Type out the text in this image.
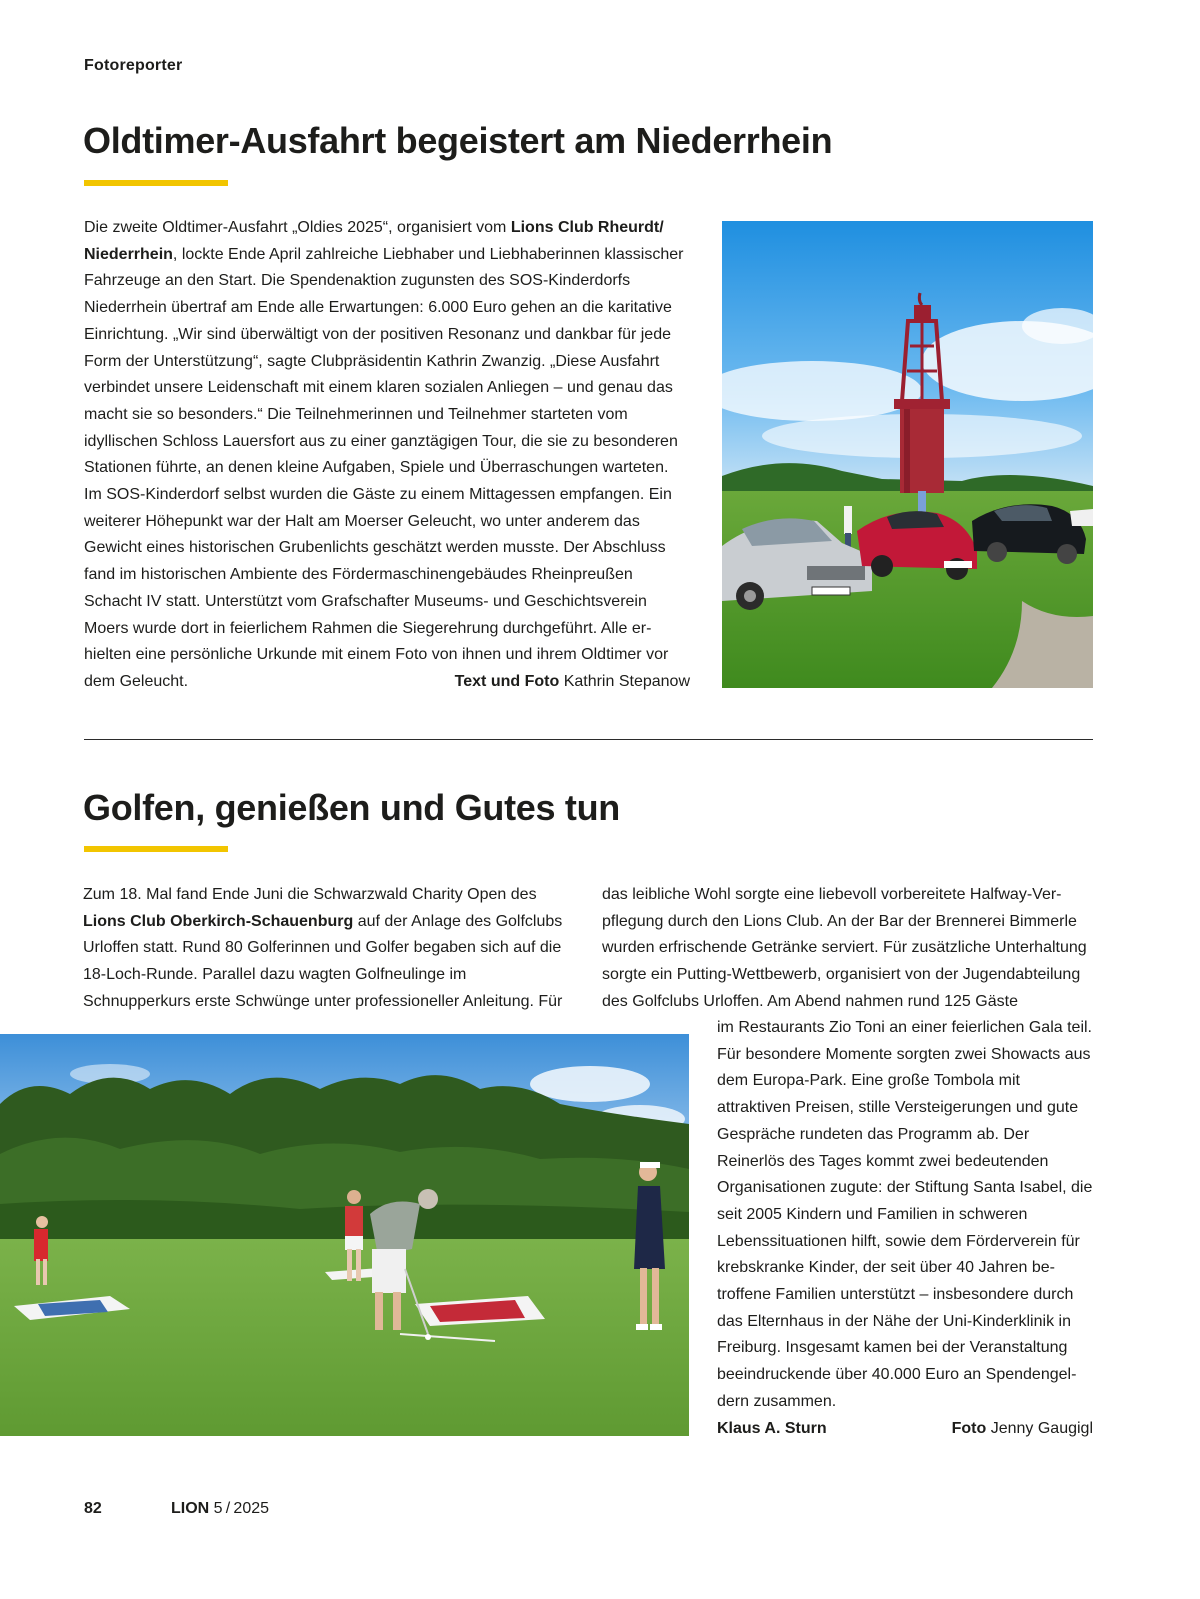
Fotoreporter
Oldtimer-Ausfahrt begeistert am Niederrhein

Die zweite Oldtimer-Ausfahrt „Oldies 2025“, organisiert vom Lions Club Rheurdt/ Niederrhein, lockte Ende April zahlreiche Liebhaber und Liebhaberinnen klassischer Fahrzeuge an den Start. Die Spendenaktion zugunsten des SOS-Kinderdorfs Niederrhein übertraf am Ende alle Erwartungen: 6.000 Euro gehen an die karitative Einrichtung. „Wir sind überwältigt von der positiven Resonanz und dankbar für jede Form der Unterstützung“, sagte Clubpräsidentin Kathrin Zwanzig. „Diese Ausfahrt verbindet unsere Leidenschaft mit einem klaren sozialen Anliegen – und genau das macht sie so besonders.“ Die Teilnehmerinnen und Teilnehmer starteten vom idyllischen Schloss Lauersfort aus zu einer ganztägigen Tour, die sie zu besonderen Stationen führte, an denen kleine Aufgaben, Spiele und Überraschungen warteten. Im SOS-Kinderdorf selbst wurden die Gäste zu einem Mittagessen empfangen. Ein weiterer Höhepunkt war der Halt am Moerser Geleucht, wo unter anderem das Gewicht eines historischen Grubenlichts geschätzt werden musste. Der Abschluss fand im historischen Ambiente des Fördermaschinengebäudes Rheinpreußen Schacht IV statt. Unterstützt vom Grafschafter Museums- und Geschichtsverein Moers wurde dort in feierlichem Rahmen die Siegerehrung durchgeführt. Alle erhielten eine persönliche Urkunde mit einem Foto von ihnen und ihrem Oldtimer vor

dem Geleucht.	Text und Foto Kathrin Stepanow
Golfen, genießen und Gutes tun

Zum 18. Mal fand Ende Juni die Schwarzwald Charity Open des Lions Club Oberkirch-Schauenburg auf der Anlage des Golfclubs Urloffen statt. Rund 80 Golferinnen und Golfer begaben sich auf die 18-Loch-Runde. Parallel dazu wagten Golfneulinge im Schnupperkurs erste Schwünge unter professioneller Anleitung. Für

das leibliche Wohl sorgte eine liebevoll vorbereitete Halfway-Verpflegung durch den Lions Club. An der Bar der Brennerei Bimmerle wurden erfrischende Getränke serviert. Für zusätzliche Unterhaltung sorgte ein Putting-Wettbewerb, organisiert von der Jugendabteilung des Golfclubs Urloffen. Am Abend nahmen rund 125 Gäste

im Restaurants Zio Toni an einer feierlichen Gala teil. Für besondere Momente sorgten zwei Showacts aus dem Europa-Park. Eine große Tombola mit attraktiven Preisen, stille Versteigerungen und gute Gespräche rundeten das Programm ab. Der Reinerlös des Tages kommt zwei bedeutenden Organisationen zugute: der Stiftung Santa Isabel, die seit 2005 Kindern und Familien in schweren Lebenssituationen hilft, sowie dem Förderverein für krebskranke Kinder, der seit über 40 Jahren betroffene Familien unterstützt – insbesondere durch das Elternhaus in der Nähe der Uni-Kinderklinik in Freiburg. Insgesamt kamen bei der Veranstaltung beeindruckende über 40.000 Euro an Spendengeldern zusammen.

Klaus A. Sturn	Foto Jenny Gaugigl
82	LION 5 / 2025
